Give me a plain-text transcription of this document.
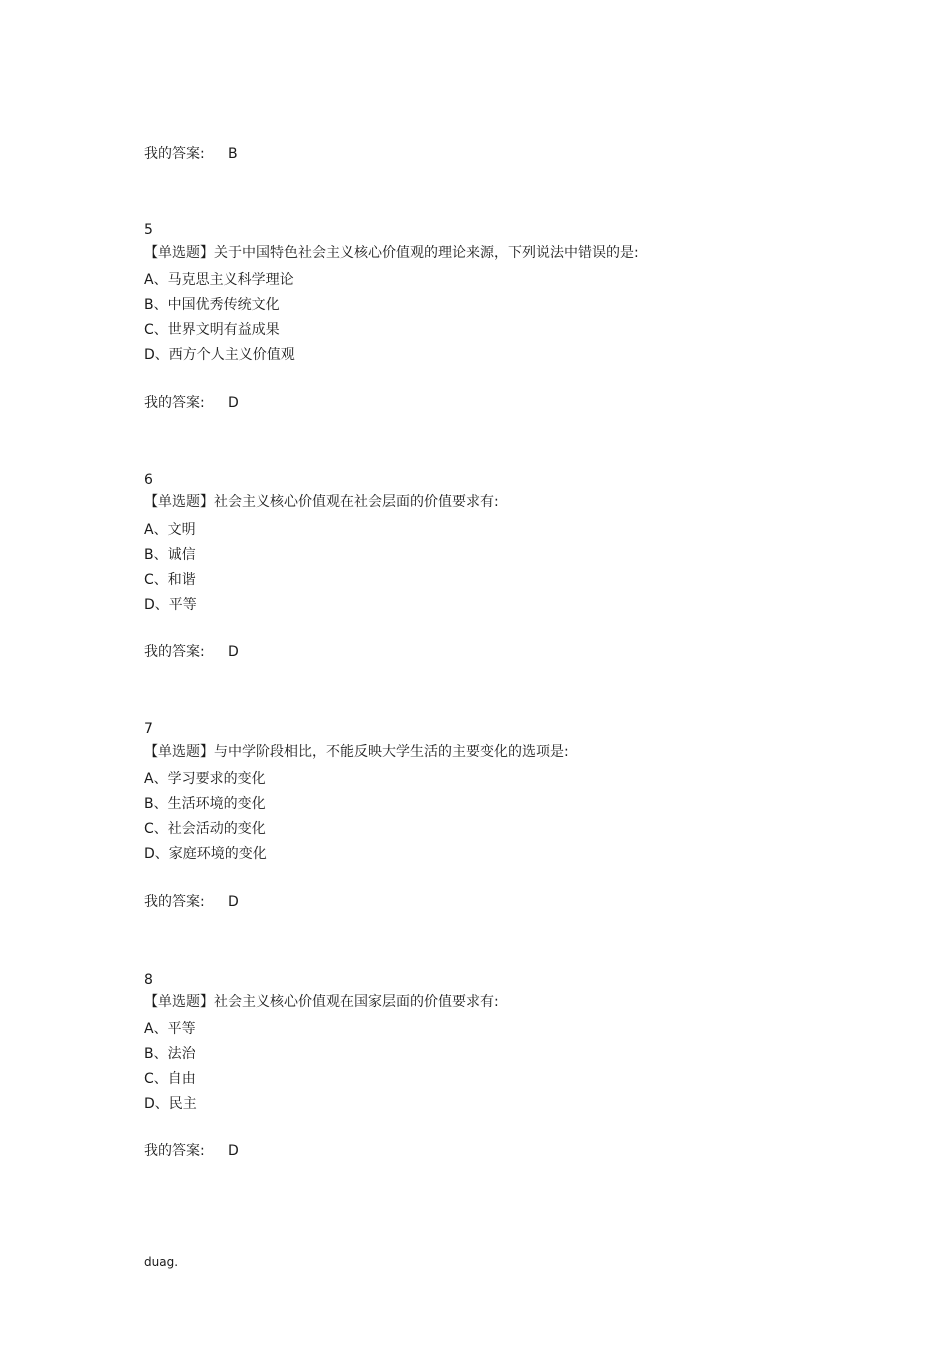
我的答案: B
5
【单选题】关于中国特色社会主义核心价值观的理论来源，下列说法中错误的是:
A、马克思主义科学理论
B、中国优秀传统文化
C、世界文明有益成果
D、西方个人主义价值观
我的答案: D
6
【单选题】社会主义核心价值观在社会层面的价值要求有:
A、文明
B、诚信
C、和谐
D、平等
我的答案: D
7
【单选题】与中学阶段相比，不能反映大学生活的主要变化的选项是:
A、学习要求的变化
B、生活环境的变化
C、社会活动的变化
D、家庭环境的变化
我的答案: D
8
【单选题】社会主义核心价值观在国家层面的价值要求有:
A、平等
B、法治
C、自由
D、民主
我的答案: D
duag.
